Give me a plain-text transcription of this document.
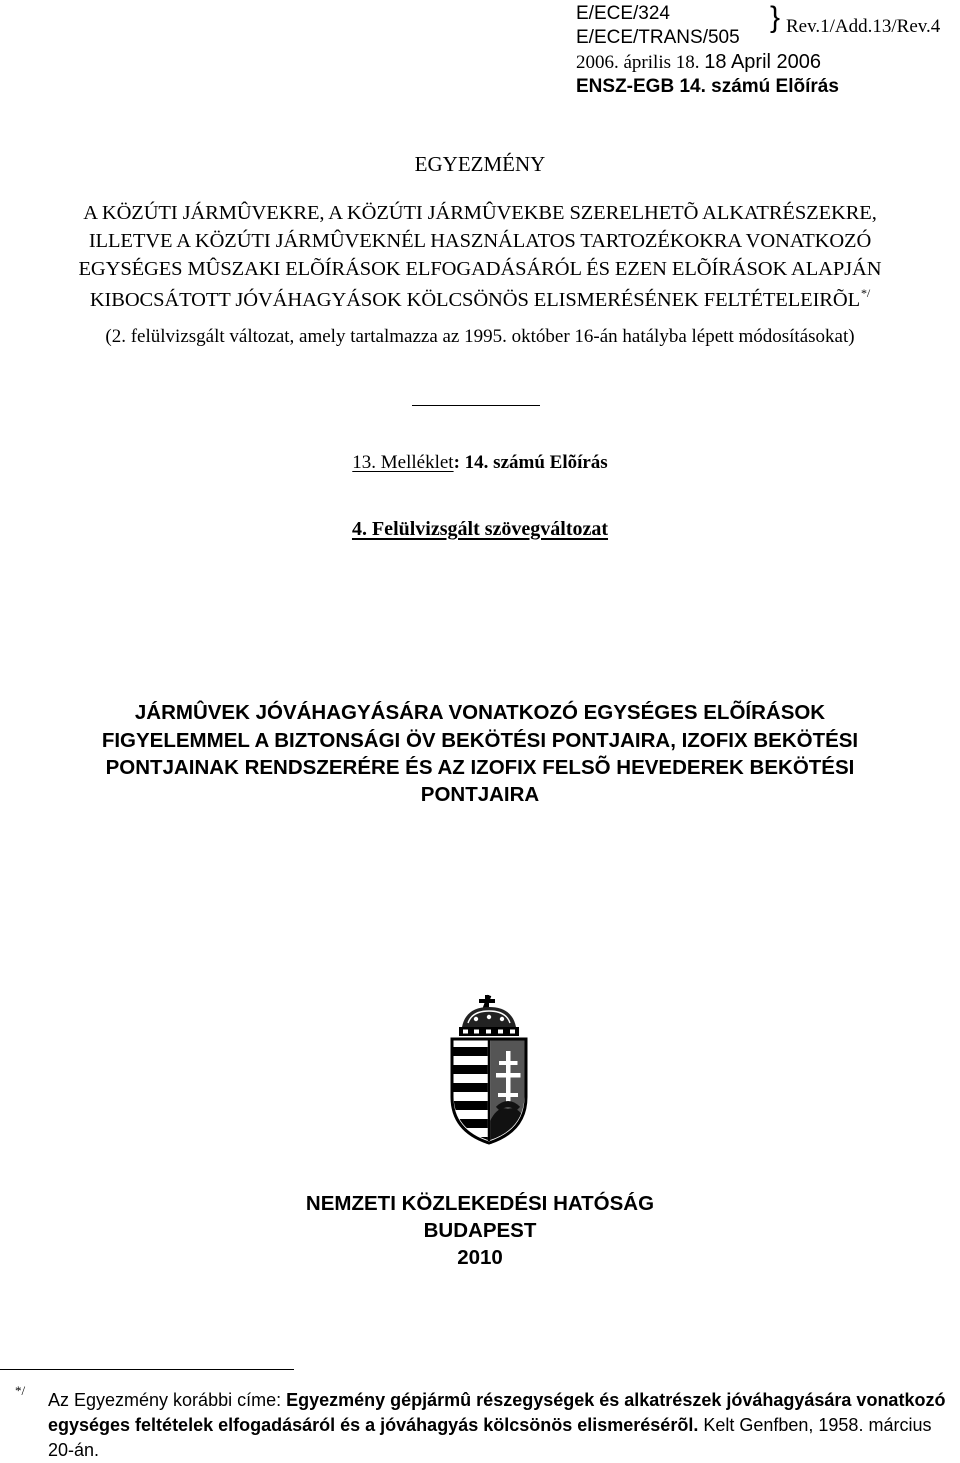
E/ECE/324
E/ECE/TRANS/505
} Rev.1/Add.13/Rev.4
2006. április 18. 18 April 2006
ENSZ-EGB 14. számú Elõírás
EGYEZMÉNY
A KÖZÚTI JÁRMÛVEKRE, A KÖZÚTI JÁRMÛVEKBE SZERELHETÕ ALKATRÉSZEKRE,
ILLETVE A KÖZÚTI JÁRMÛVEKNÉL HASZNÁLATOS TARTOZÉKOKRA VONATKOZÓ
EGYSÉGES MÛSZAKI ELÕÍRÁSOK ELFOGADÁSÁRÓL ÉS EZEN ELÕÍRÁSOK ALAPJÁN
KIBOCSÁTOTT JÓVÁHAGYÁSOK KÖLCSÖNÖS ELISMERÉSÉNEK FELTÉTELEIRÕL*/
(2. felülvizsgált változat, amely tartalmazza az 1995. október 16-án hatályba lépett módosításokat)
13. Melléklet: 14. számú Elõírás
4. Felülvizsgált szövegváltozat
JÁRMÛVEK JÓVÁHAGYÁSÁRA VONATKOZÓ EGYSÉGES ELÕÍRÁSOK
FIGYELEMMEL A BIZTONSÁGI ÖV BEKÖTÉSI PONTJAIRA, IZOFIX BEKÖTÉSI
PONTJAINAK RENDSZERÉRE ÉS AZ IZOFIX FELSÕ HEVEDEREK BEKÖTÉSI
PONTJAIRA
NEMZETI KÖZLEKEDÉSI HATÓSÁG
BUDAPEST
2010
*/ Az Egyezmény korábbi címe: Egyezmény gépjármû részegységek és alkatrészek jóváhagyására vonatkozó egységes feltételek elfogadásáról és a jóváhagyás kölcsönös elismerésérõl. Kelt Genfben, 1958. március 20-án.
